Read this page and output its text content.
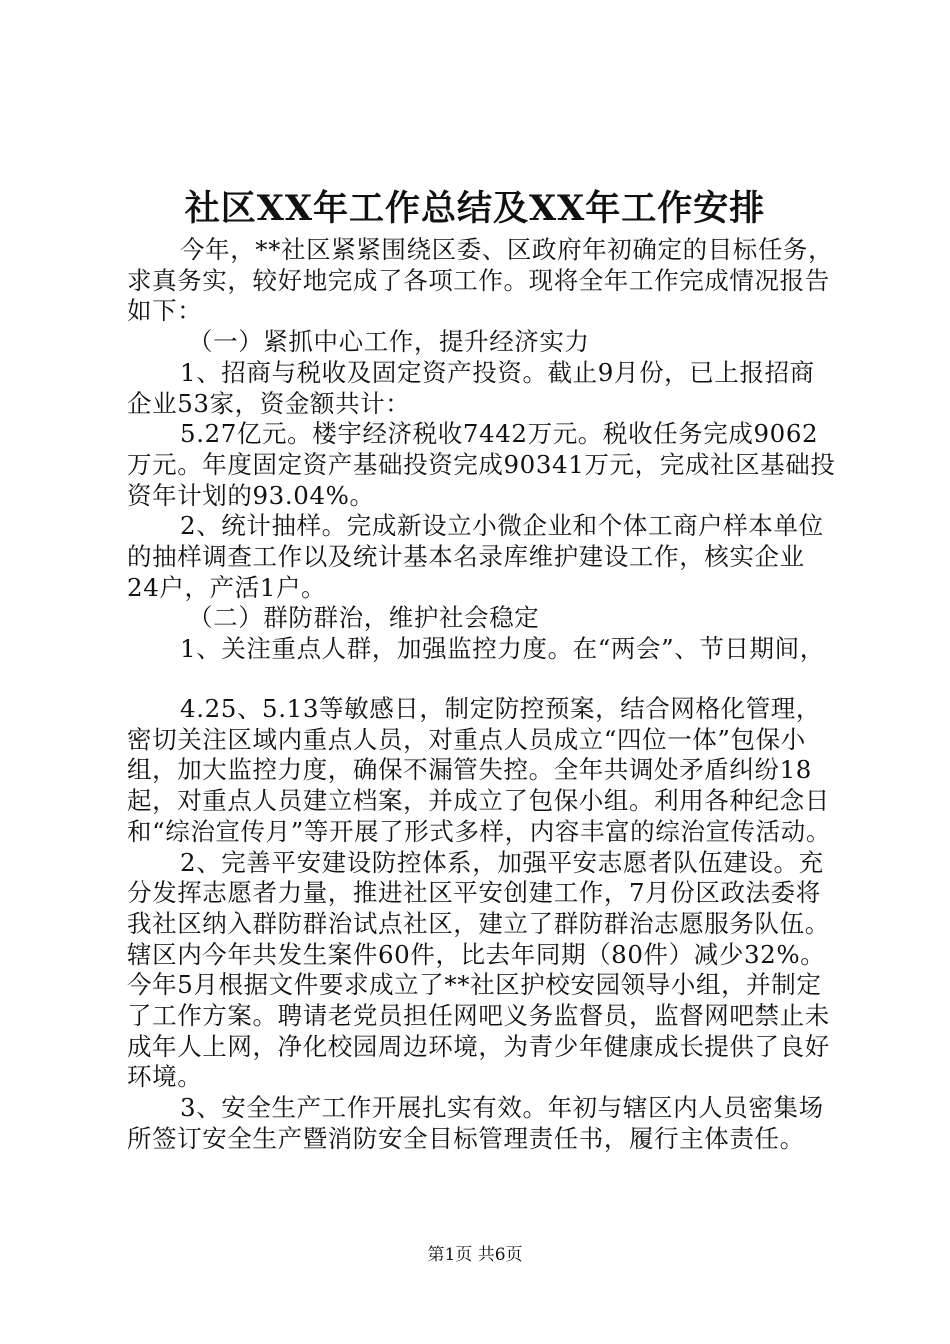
社区XX年工作总结及XX年工作安排

今年，**社区紧紧围绕区委、区政府年初确定的目标任务，求真务实，较好地完成了各项工作。现将全年工作完成情况报告如下：

（一）紧抓中心工作，提升经济实力

1、招商与税收及固定资产投资。截止9月份，已上报招商企业53家，资金额共计：

5.27亿元。楼宇经济税收7442万元。税收任务完成9062万元。年度固定资产基础投资完成90341万元，完成社区基础投资年计划的93.04%。

2、统计抽样。完成新设立小微企业和个体工商户样本单位的抽样调查工作以及统计基本名录库维护建设工作，核实企业24户，产活1户。

（二）群防群治，维护社会稳定

1、关注重点人群，加强监控力度。在“两会”、节日期间，

4.25、5.13等敏感日，制定防控预案，结合网格化管理，密切关注区域内重点人员，对重点人员成立“四位一体”包保小组，加大监控力度，确保不漏管失控。全年共调处矛盾纠纷18起，对重点人员建立档案，并成立了包保小组。利用各种纪念日和“综治宣传月”等开展了形式多样，内容丰富的综治宣传活动。

2、完善平安建设防控体系，加强平安志愿者队伍建设。充分发挥志愿者力量，推进社区平安创建工作，7月份区政法委将我社区纳入群防群治试点社区，建立了群防群治志愿服务队伍。辖区内今年共发生案件60件，比去年同期（80件）减少32%。今年5月根据文件要求成立了**社区护校安园领导小组，并制定了工作方案。聘请老党员担任网吧义务监督员，监督网吧禁止未成年人上网，净化校园周边环境，为青少年健康成长提供了良好环境。

3、安全生产工作开展扎实有效。年初与辖区内人员密集场所签订安全生产暨消防安全目标管理责任书，履行主体责任。

第1页 共6页
